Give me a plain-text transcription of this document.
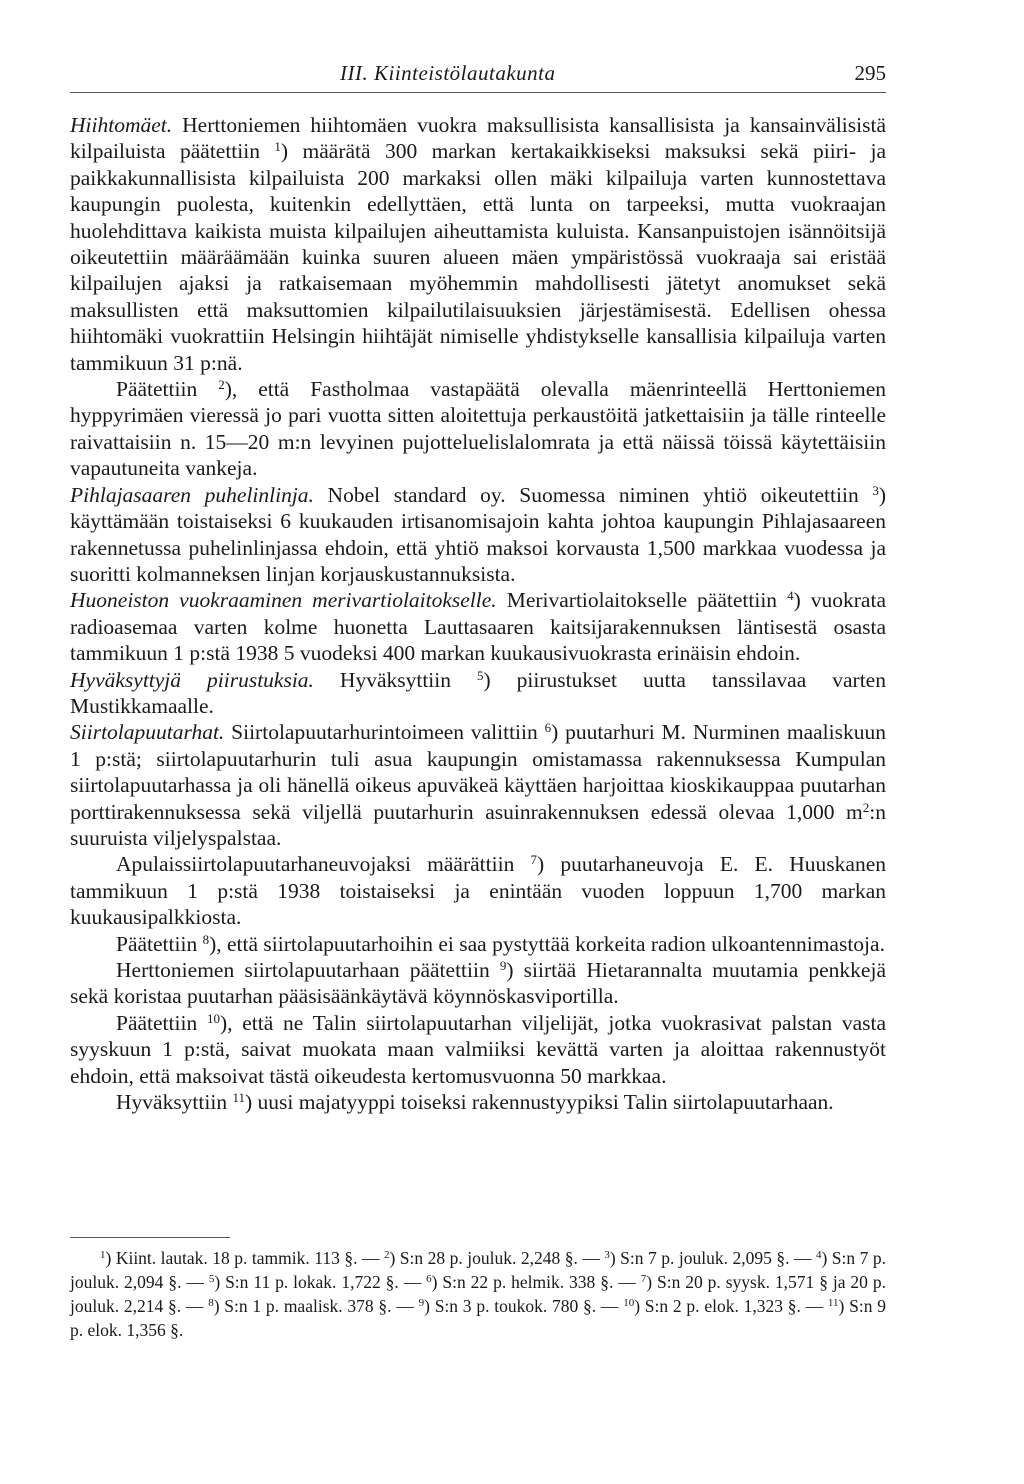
III. Kiinteistölautakunta	295

Hiihtomäet. Herttoniemen hiihtomäen vuokra maksullisista kansallisista ja kansainvälisistä kilpailuista päätettiin $^1$) määrätä 300 markan kertakaikkiseksi maksuksi sekä piiri- ja paikkakunnallisista kilpailuista 200 markaksi ollen mäki kilpailuja varten kunnostettava kaupungin puolesta, kuitenkin edellyttäen, että lunta on tarpeeksi, mutta vuokraajan huolehdittava kaikista muista kilpailujen aiheuttamista kuluista. Kansanpuistojen isännöitsijä oikeutettiin määräämään kuinka suuren alueen mäen ympäristössä vuokraaja sai eristää kilpailujen ajaksi ja ratkaisemaan myöhemmin mahdollisesti jätetyt anomukset sekä maksullisten että maksuttomien kilpailutilaisuuksien järjestämisestä. Edellisen ohessa hiihtomäki vuokrattiin Helsingin hiihtäjät nimiselle yhdistykselle kansallisia kilpailuja varten tammikuun 31 p:nä.

Päätettiin $^2$), että Fastholmaa vastapäätä olevalla mäenrinteellä Herttoniemen hyppyrimäen vieressä jo pari vuotta sitten aloitettuja perkaustöitä jatkettaisiin ja tälle rinteelle raivattaisiin n. 15—20 m:n levyinen pujotteluelislalomrata ja että näissä töissä käytettäisiin vapautuneita vankeja.

Pihlajasaaren puhelinlinja. Nobel standard oy. Suomessa niminen yhtiö oikeutettiin $^3$) käyttämään toistaiseksi 6 kuukauden irtisanomisajoin kahta johtoa kaupungin Pihlajasaareen rakennetussa puhelinlinjassa ehdoin, että yhtiö maksoi korvausta 1,500 markkaa vuodessa ja suoritti kolmanneksen linjan korjauskustannuksista.

Huoneiston vuokraaminen merivartiolaitokselle. Merivartiolaitokselle päätettiin $^4$) vuokrata radioasemaa varten kolme huonetta Lauttasaaren kaitsijarakennuksen läntisestä osasta tammikuun 1 p:stä 1938 5 vuodeksi 400 markan kuukausivuokrasta erinäisin ehdoin.

Hyväksyttyjä piirustuksia. Hyväksyttiin $^5$) piirustukset uutta tanssilavaa varten Mustikkamaalle.

Siirtolapuutarhat. Siirtolapuutarhurintoimeen valittiin $^6$) puutarhuri M. Nurminen maaliskuun 1 p:stä; siirtolapuutarhurin tuli asua kaupungin omistamassa rakennuksessa Kumpulan siirtolapuutarhassa ja oli hänellä oikeus apuväkeä käyttäen harjoittaa kioskikauppaa puutarhan porttirakennuksessa sekä viljellä puutarhurin asuinrakennuksen edessä olevaa 1,000 $m^2:n$ suuruista viljelyspalstaa.

Apulaissiirtolapuutarhaneuvojaksi määrättiin $^7$) puutarhaneuvoja E. E. Huuskanen tammikuun 1 p:stä 1938 toistaiseksi ja enintään vuoden loppuun 1,700 markan kuukausipalkkiosta.

Päätettiin $^8$), että siirtolapuutarhoihin ei saa pystyttää korkeita radion ulkoantennimastoja.

Herttoniemen siirtolapuutarhaan päätettiin $^9$) siirtää Hietarannalta muutamia penkkejä sekä koristaa puutarhan pääsisäänkäytävä köynnöskasviportilla.

Päätettiin $^{10}$), että ne Talin siirtolapuutarhan viljelijät, jotka vuokrasivat palstan vasta syyskuun 1 p:stä, saivat muokata maan valmiiksi kevättä varten ja aloittaa rakennustyöt ehdoin, että maksoivat tästä oikeudesta kertomusvuonna 50 markkaa.

Hyväksyttiin $^{11}$) uusi majatyyppi toiseksi rakennustyypiksi Talin siirtolapuutarhaan.

$^1$) Kiint. lautak. 18 p. tammik. 113 §. — $^2$) S:n 28 p. jouluk. 2,248 §. — $^3$) S:n 7 p. jouluk. 2,095 §. — $^4$) S:n 7 p. jouluk. 2,094 §. — $^5$) S:n 11 p. lokak. 1,722 §. — $^6$) S:n 22 p. helmik. 338 §. — $^7$) S:n 20 p. syysk. 1,571 § ja 20 p. jouluk. 2,214 §. — $^8$) S:n 1 p. maalisk. 378 §. — $^9$) S:n 3 p. toukok. 780 §. — $^{10}$) S:n 2 p. elok. 1,323 §. — $^{11}$) S:n 9 p. elok. 1,356 §.
